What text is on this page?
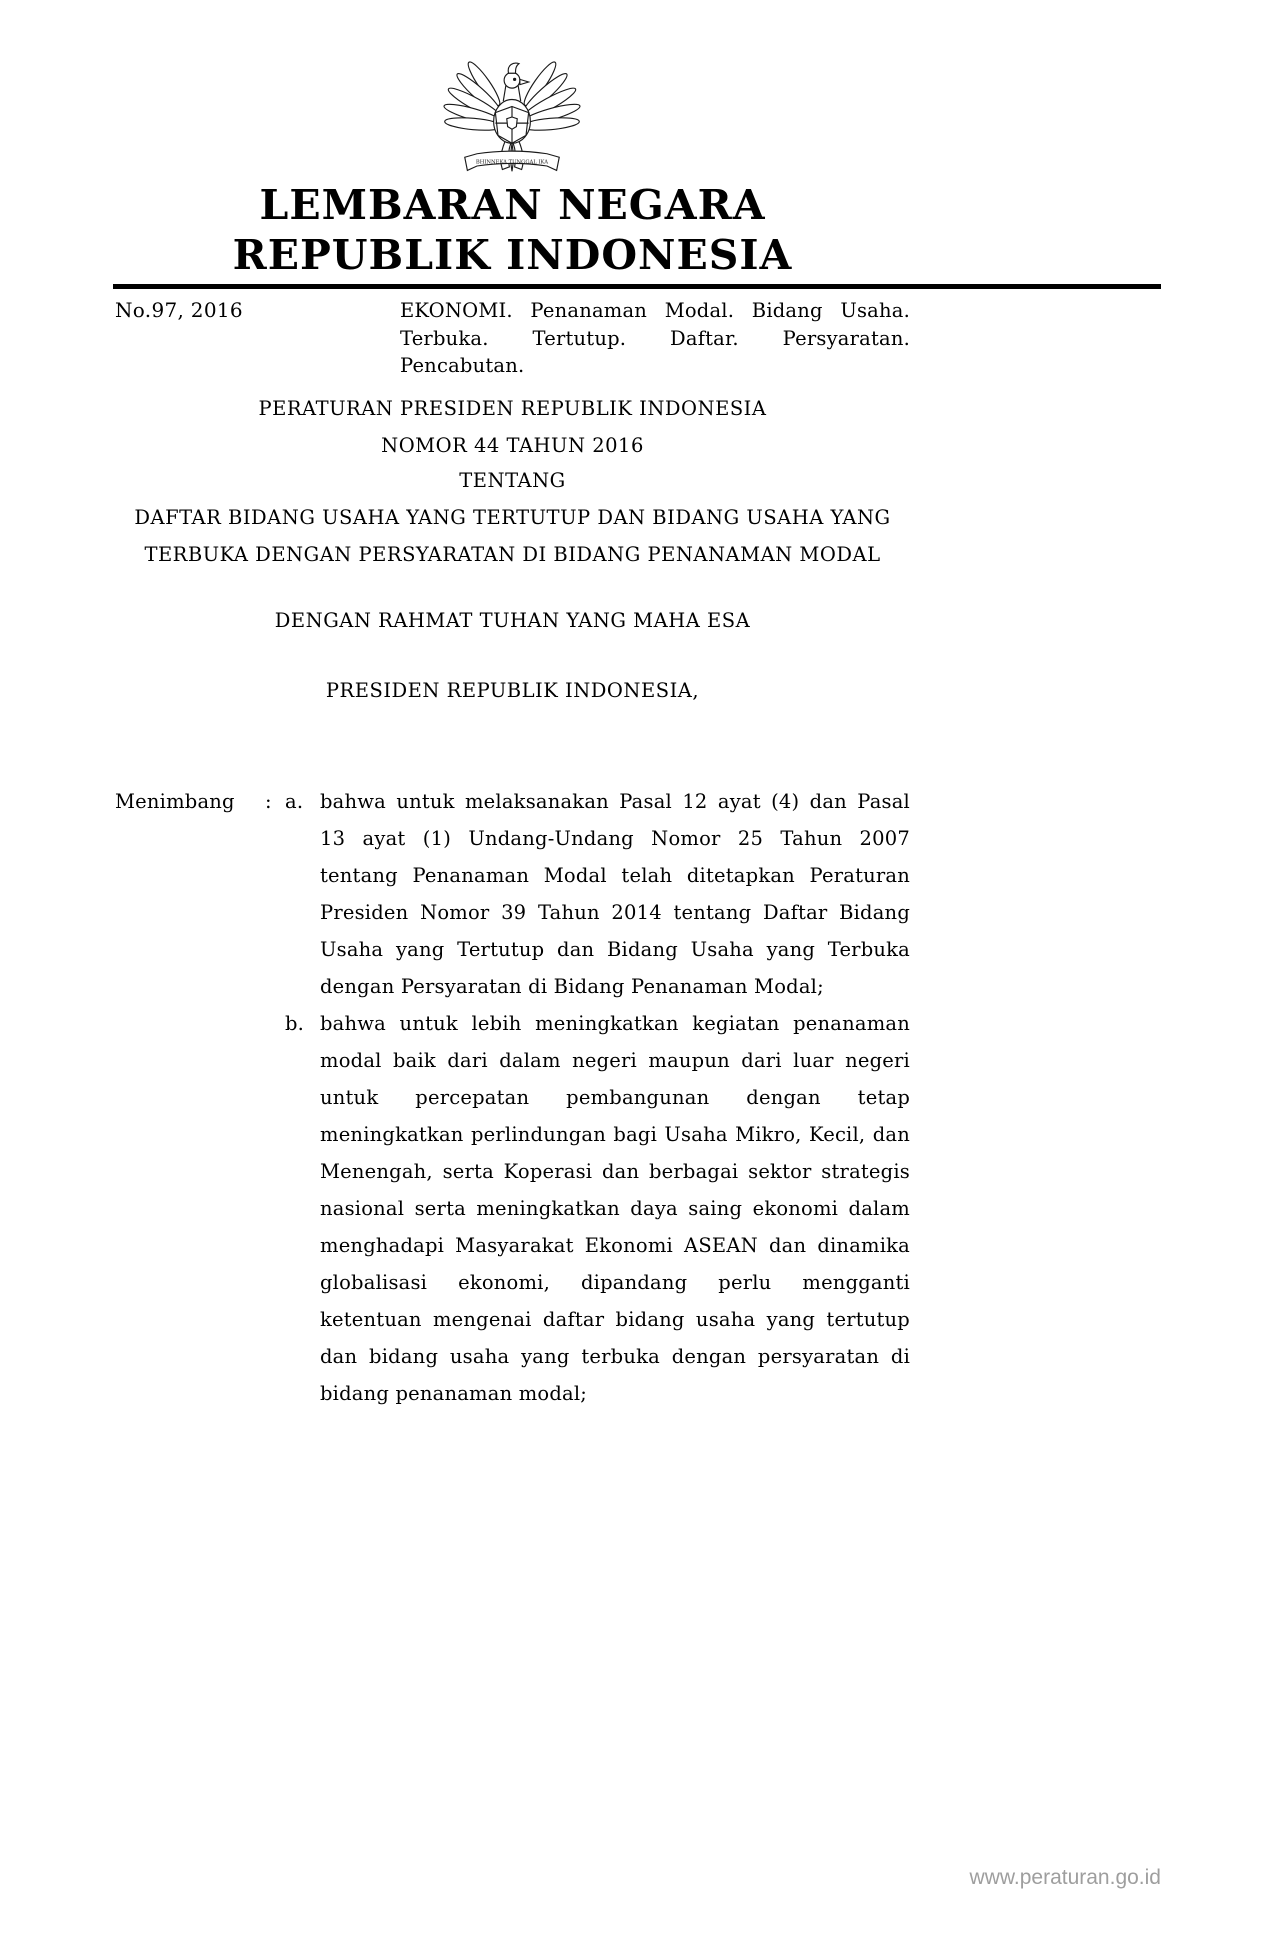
BHINNEKA TUNGGAL IKA
LEMBARAN NEGARA
REPUBLIK INDONESIA
No.97, 2016	EKONOMI. Penanaman Modal. Bidang Usaha.
Terbuka. Tertutup. Daftar. Persyaratan.
Pencabutan.
PERATURAN PRESIDEN REPUBLIK INDONESIA
NOMOR 44 TAHUN 2016
TENTANG
DAFTAR BIDANG USAHA YANG TERTUTUP DAN BIDANG USAHA YANG
TERBUKA DENGAN PERSYARATAN DI BIDANG PENANAMAN MODAL
DENGAN RAHMAT TUHAN YANG MAHA ESA
PRESIDEN REPUBLIK INDONESIA,
Menimbang	: a. bahwa untuk melaksanakan Pasal 12 ayat (4) dan Pasal 13 ayat (1) Undang-Undang Nomor 25 Tahun 2007 tentang Penanaman Modal telah ditetapkan Peraturan Presiden Nomor 39 Tahun 2014 tentang Daftar Bidang Usaha yang Tertutup dan Bidang Usaha yang Terbuka dengan Persyaratan di Bidang Penanaman Modal;
b. bahwa untuk lebih meningkatkan kegiatan penanaman modal baik dari dalam negeri maupun dari luar negeri untuk percepatan pembangunan dengan tetap meningkatkan perlindungan bagi Usaha Mikro, Kecil, dan Menengah, serta Koperasi dan berbagai sektor strategis nasional serta meningkatkan daya saing ekonomi dalam menghadapi Masyarakat Ekonomi ASEAN dan dinamika globalisasi ekonomi, dipandang perlu mengganti ketentuan mengenai daftar bidang usaha yang tertutup dan bidang usaha yang terbuka dengan persyaratan di bidang penanaman modal;
www.peraturan.go.id
